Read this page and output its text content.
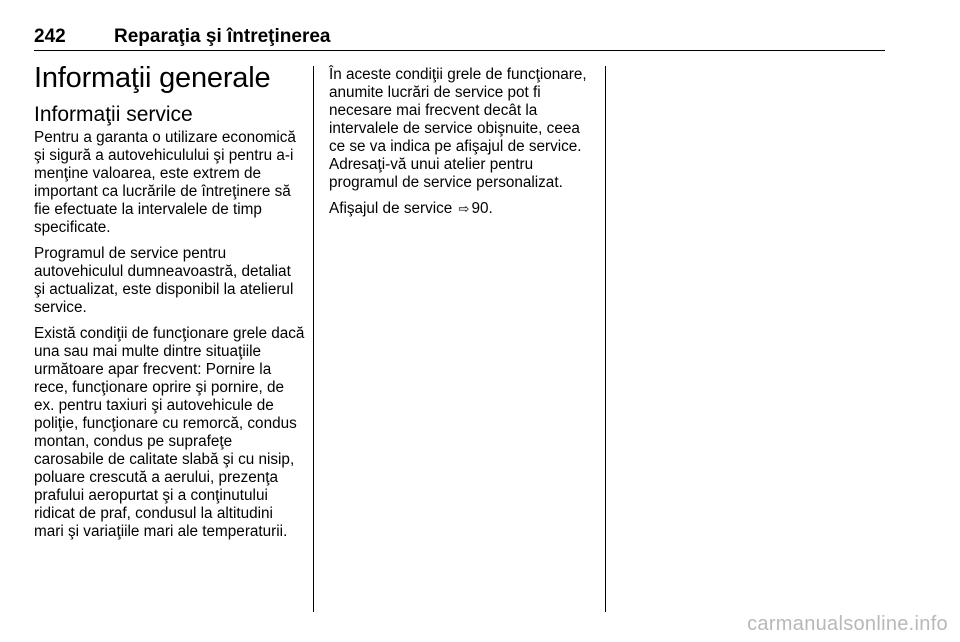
242	Reparaţia şi întreţinerea
Informaţii generale
Informaţii service

Pentru a garanta o utilizare economică şi sigură a autovehiculului şi pentru a-i menţine valoarea, este extrem de important ca lucrările de întreţinere să fie efectuate la intervalele de timp specificate.

Programul de service pentru autovehiculul dumneavoastră, detaliat şi actualizat, este disponibil la atelierul service.

Există condiţii de funcţionare grele dacă una sau mai multe dintre situaţiile următoare apar frecvent: Pornire la rece, funcţionare oprire şi pornire, de ex. pentru taxiuri şi autovehicule de poliţie, funcţionare cu remorcă, condus montan, condus pe suprafeţe carosabile de calitate slabă şi cu nisip, poluare crescută a aerului, prezenţa prafului aeropurtat şi a conţinutului ridicat de praf, condusul la altitudini mari şi variaţiile mari ale temperaturii.

În aceste condiţii grele de funcţionare, anumite lucrări de service pot fi necesare mai frecvent decât la intervalele de service obişnuite, ceea ce se va indica pe afişajul de service. Adresaţi-vă unui atelier pentru programul de service personalizat.

Afişajul de service ⇨ 90.

carmanualsonline.info
